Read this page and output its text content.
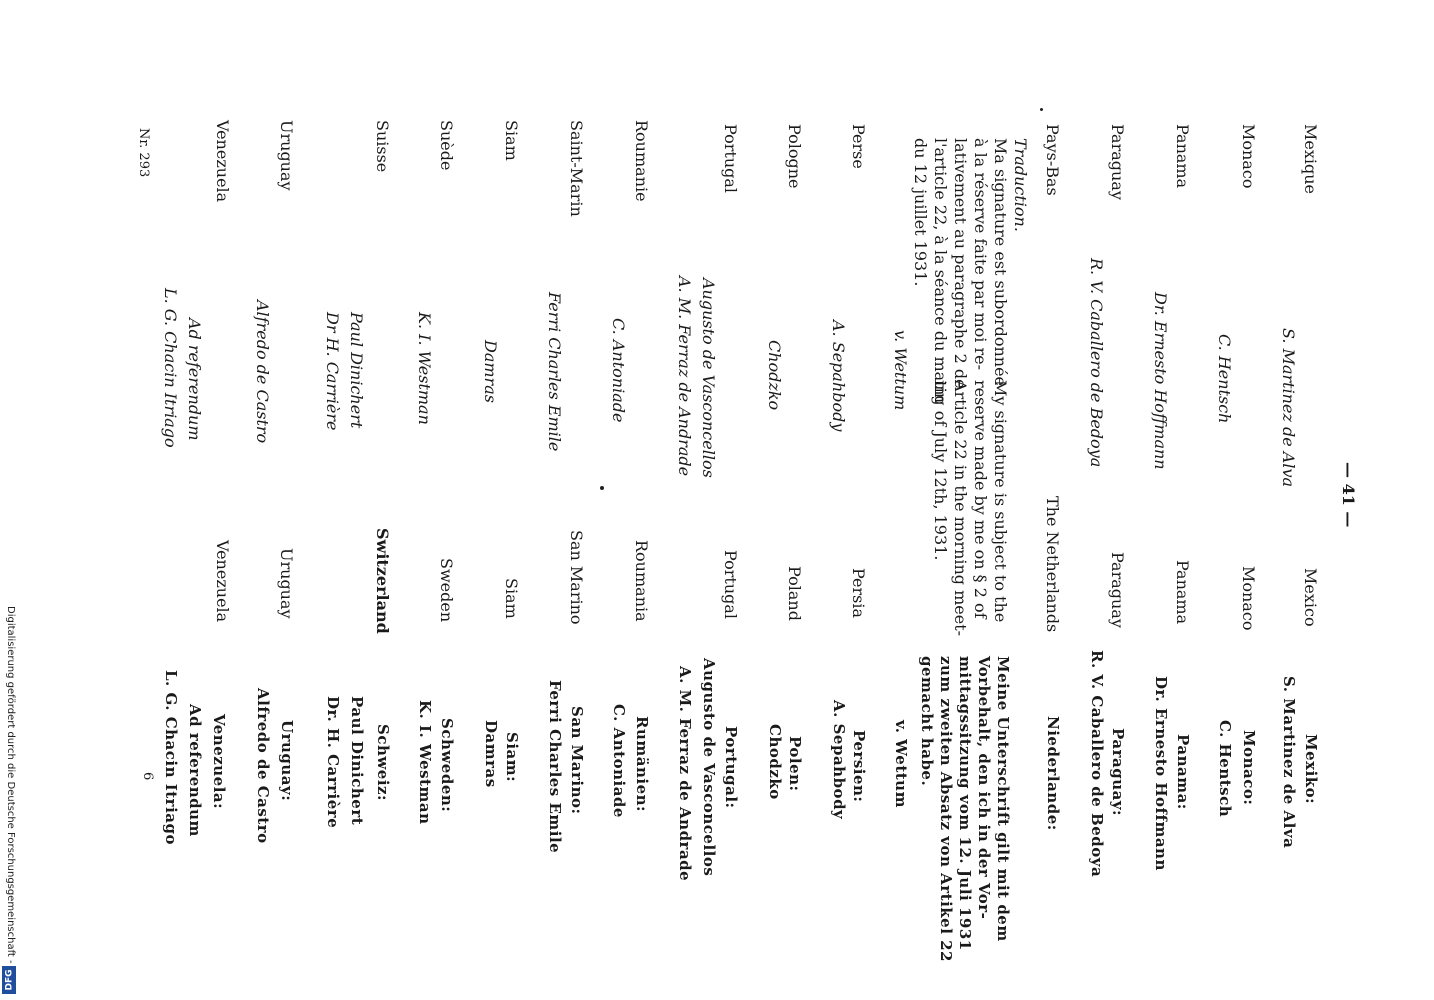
— 41 —
Mexique
Monaco
Panama
Paraguay
Pays-Bas
Perse
Pologne
Portugal
Roumanie
Saint-Marin
Siam
Suède
Suisse
Uruguay
Venezuela	Traduction.
Ma signature est subordonnée
à la réserve faite par moi re-
lativement au paragraphe 2 de
l'article 22, à la séance du matin
du 12 juillet 1931.
S. Martinez de Alva
C. Hentsch
Dr. Ernesto Hoffmann
R. V. Caballero de Bedoya
v. Wettum
A. Sepahbody
Chodzko
Augusto de Vasconcellos
A. M. Ferraz de Andrade
C. Antoniade
Ferri Charles Emile
Damras
K. I. Westman
Paul Dinichert
Dr H. Carrière
Alfredo de Castro
Ad referendum
L. G. Chacin Itriago
My signature is subject to the
reserve made by me on § 2 of
Article 22 in the morning meet-
ing of July 12th, 1931.
Mexico
Monaco
Panama
Paraguay
The Netherlands
Persia
Poland
Portugal
Roumania
San Marino
Siam
Sweden
Switzerland
Uruguay
Venezuela
Mexiko:
S. Martinez de Alva
Monaco:
C. Hentsch
Panama:
Dr. Ernesto Hoffmann
Paraguay:
R. V. Caballero de Bedoya
Niederlande:
Meine Unterschrift gilt mit dem
Vorbehalt, den ich in der Vor-
mittagssitzung vom 12. Juli 1931
zum zweiten Absatz von Artikel 22
gemacht habe.
v. Wettum
Persien:
A. Sepahbody
Polen:
Chodzko
Portugal:
Augusto de Vasconcellos
A. M. Ferraz de Andrade
Rumänien:
C. Antoniade
San Marino:
Ferri Charles Emile
Siam:
Damras
Schweden:
K. I. Westman
Schweiz:
Paul Dinichert
Dr. H. Carrière
Uruguay:
Alfredo de Castro
Venezuela:
Ad referendum
L. G. Chacin Itriago
Nr. 293
6
Digitalisierung gefördert durch die Deutsche Forschungsgemeinschaft -
DFG
